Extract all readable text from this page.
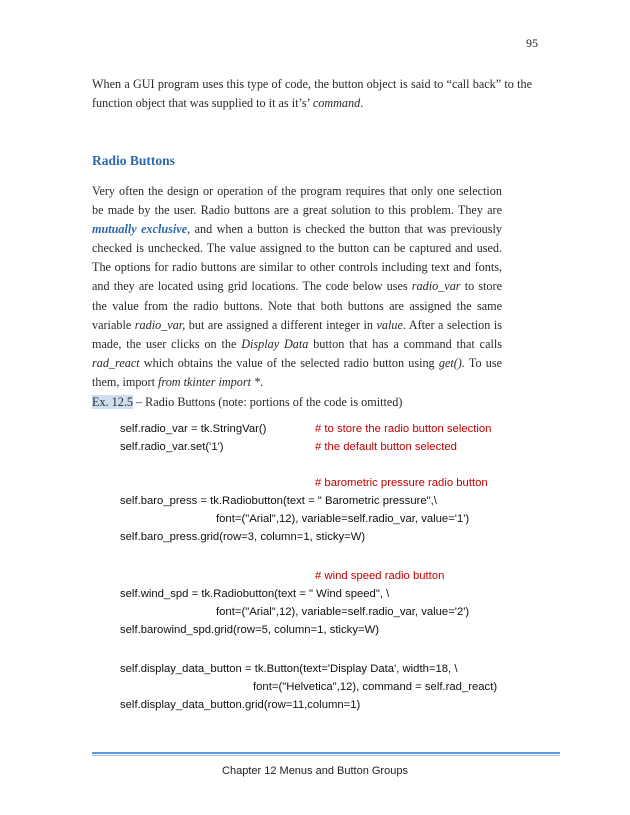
95

When a GUI program uses this type of code, the button object is said to “call back” to the function object that was supplied to it as it’s’ command.

Radio Buttons

Very often the design or operation of the program requires that only one selection be made by the user. Radio buttons are a great solution to this problem. They are mutually exclusive, and when a button is checked the button that was previously checked is unchecked. The value assigned to the button can be captured and used. The options for radio buttons are similar to other controls including text and fonts, and they are located using grid locations. The code below uses radio_var to store the value from the radio buttons. Note that both buttons are assigned the same variable radio_var, but are assigned a different integer in value. After a selection is made, the user clicks on the Display Data button that has a command that calls rad_react which obtains the value of the selected radio button using get(). To use them, import from tkinter import *.

Ex. 12.5 – Radio Buttons (note: portions of the code is omitted)
self.radio_var = tk.StringVar()	# to store the radio button selection
self.radio_var.set('1')	# the default button selected
# barometric pressure radio button
self.baro_press = tk.Radiobutton(text = " Barometric pressure",\
font=("Arial",12), variable=self.radio_var, value='1')
self.baro_press.grid(row=3, column=1, sticky=W)
# wind speed radio button
self.wind_spd = tk.Radiobutton(text = " Wind speed", \
font=("Arial",12), variable=self.radio_var, value='2')
self.barowind_spd.grid(row=5, column=1, sticky=W)
self.display_data_button = tk.Button(text='Display Data', width=18, \
font=("Helvetica",12), command = self.rad_react)
self.display_data_button.grid(row=11,column=1)
Chapter 12 Menus and Button Groups
